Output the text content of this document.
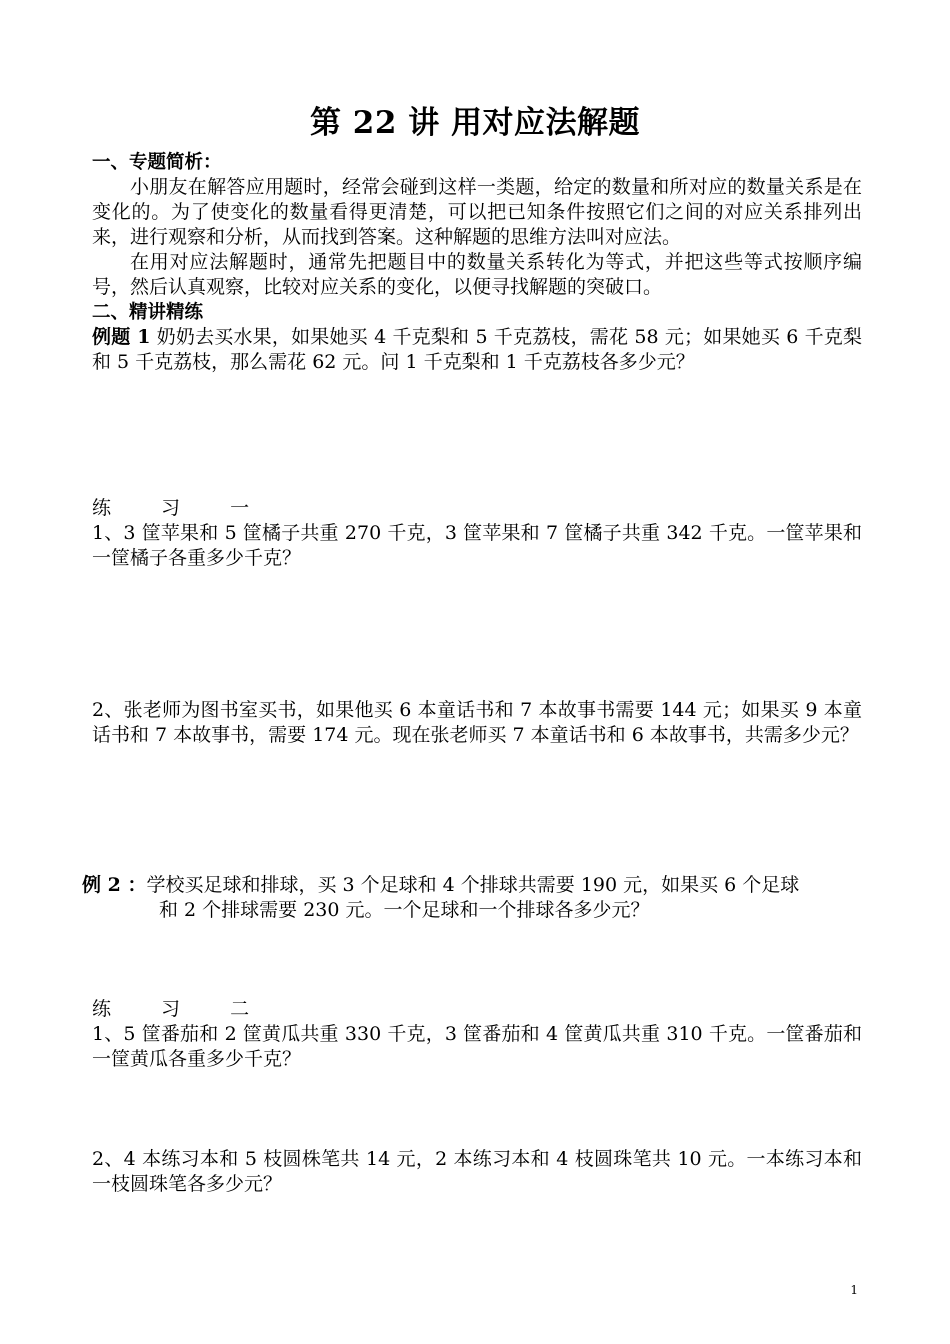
第 22 讲 用对应法解题
一、专题简析：
小朋友在解答应用题时，经常会碰到这样一类题，给定的数量和所对应的数量关系是在变化的。为了使变化的数量看得更清楚，可以把已知条件按照它们之间的对应关系排列出来，进行观察和分析，从而找到答案。这种解题的思维方法叫对应法。
在用对应法解题时，通常先把题目中的数量关系转化为等式，并把这些等式按顺序编号，然后认真观察，比较对应关系的变化，以便寻找解题的突破口。
二、精讲精练
例题 1 奶奶去买水果，如果她买 4 千克梨和 5 千克荔枝，需花 58 元；如果她买 6 千克梨和 5 千克荔枝，那么需花 62 元。问 1 千克梨和 1 千克荔枝各多少元？
练 习 一
1、3 筐苹果和 5 筐橘子共重 270 千克，3 筐苹果和 7 筐橘子共重 342 千克。一筐苹果和一筐橘子各重多少千克？
2、张老师为图书室买书，如果他买 6 本童话书和 7 本故事书需要 144 元；如果买 9 本童话书和 7 本故事书，需要 174 元。现在张老师买 7 本童话书和 6 本故事书，共需多少元？
例 2 ：学校买足球和排球，买 3 个足球和 4 个排球共需要 190 元，如果买 6 个足球
和 2 个排球需要 230 元。一个足球和一个排球各多少元？
练 习 二
1、5 筐番茄和 2 筐黄瓜共重 330 千克，3 筐番茄和 4 筐黄瓜共重 310 千克。一筐番茄和一筐黄瓜各重多少千克？
2、4 本练习本和 5 枝圆株笔共 14 元，2 本练习本和 4 枝圆珠笔共 10 元。一本练习本和一枝圆珠笔各多少元？
1
